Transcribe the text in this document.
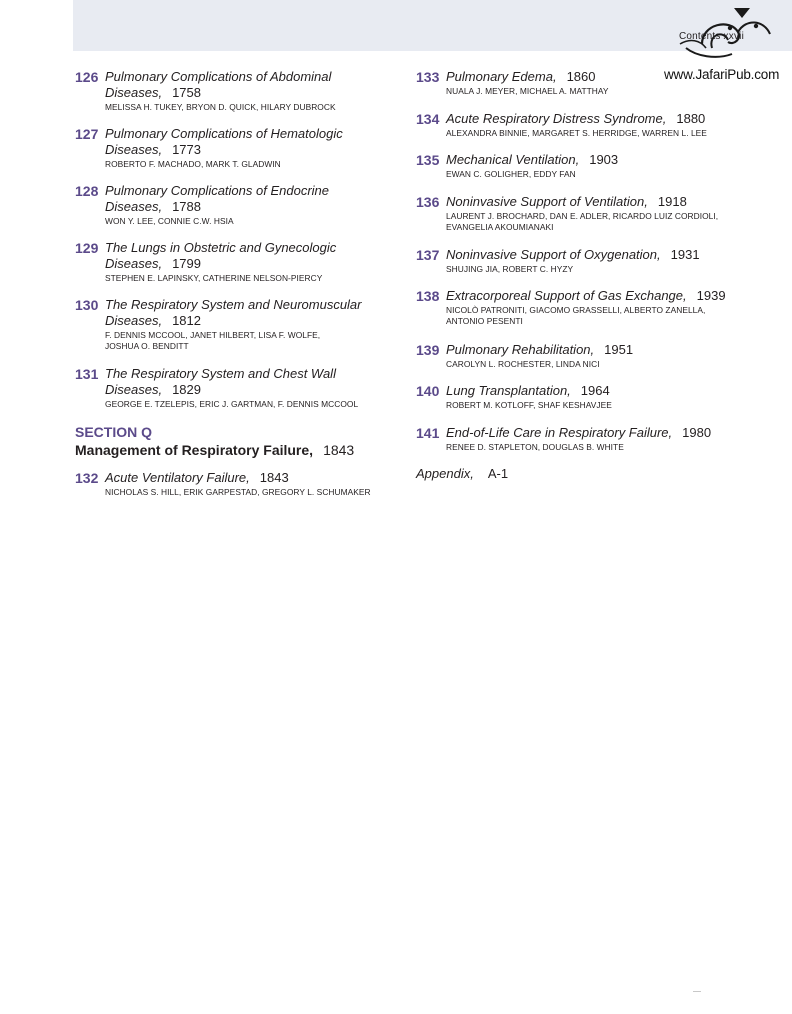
Contents xxvii
www.JafariPub.com
126 Pulmonary Complications of Abdominal
Diseases, 1758
MELISSA H. TUKEY, BRYON D. QUICK, HILARY DUBROCK
127 Pulmonary Complications of Hematologic
Diseases, 1773
ROBERTO F. MACHADO, MARK T. GLADWIN
128 Pulmonary Complications of Endocrine
Diseases, 1788
WON Y. LEE, CONNIE C.W. HSIA
129 The Lungs in Obstetric and Gynecologic
Diseases, 1799
STEPHEN E. LAPINSKY, CATHERINE NELSON-PIERCY
130 The Respiratory System and Neuromuscular
Diseases, 1812
F. DENNIS MCCOOL, JANET HILBERT, LISA F. WOLFE,
JOSHUA O. BENDITT
131 The Respiratory System and Chest Wall
Diseases, 1829
GEORGE E. TZELEPIS, ERIC J. GARTMAN, F. DENNIS MCCOOL
SECTION Q
Management of Respiratory Failure, 1843
132 Acute Ventilatory Failure, 1843
NICHOLAS S. HILL, ERIK GARPESTAD, GREGORY L. SCHUMAKER
133 Pulmonary Edema, 1860
NUALA J. MEYER, MICHAEL A. MATTHAY
134 Acute Respiratory Distress Syndrome, 1880
ALEXANDRA BINNIE, MARGARET S. HERRIDGE, WARREN L. LEE
135 Mechanical Ventilation, 1903
EWAN C. GOLIGHER, EDDY FAN
136 Noninvasive Support of Ventilation, 1918
LAURENT J. BROCHARD, DAN E. ADLER, RICARDO LUIZ CORDIOLI,
EVANGELIA AKOUMIANAKI
137 Noninvasive Support of Oxygenation, 1931
SHUJING JIA, ROBERT C. HYZY
138 Extracorporeal Support of Gas Exchange, 1939
NICOLÒ PATRONITI, GIACOMO GRASSELLI, ALBERTO ZANELLA,
ANTONIO PESENTI
139 Pulmonary Rehabilitation, 1951
CAROLYN L. ROCHESTER, LINDA NICI
140 Lung Transplantation, 1964
ROBERT M. KOTLOFF, SHAF KESHAVJEE
141 End-of-Life Care in Respiratory Failure, 1980
RENEE D. STAPLETON, DOUGLAS B. WHITE
Appendix, A-1
